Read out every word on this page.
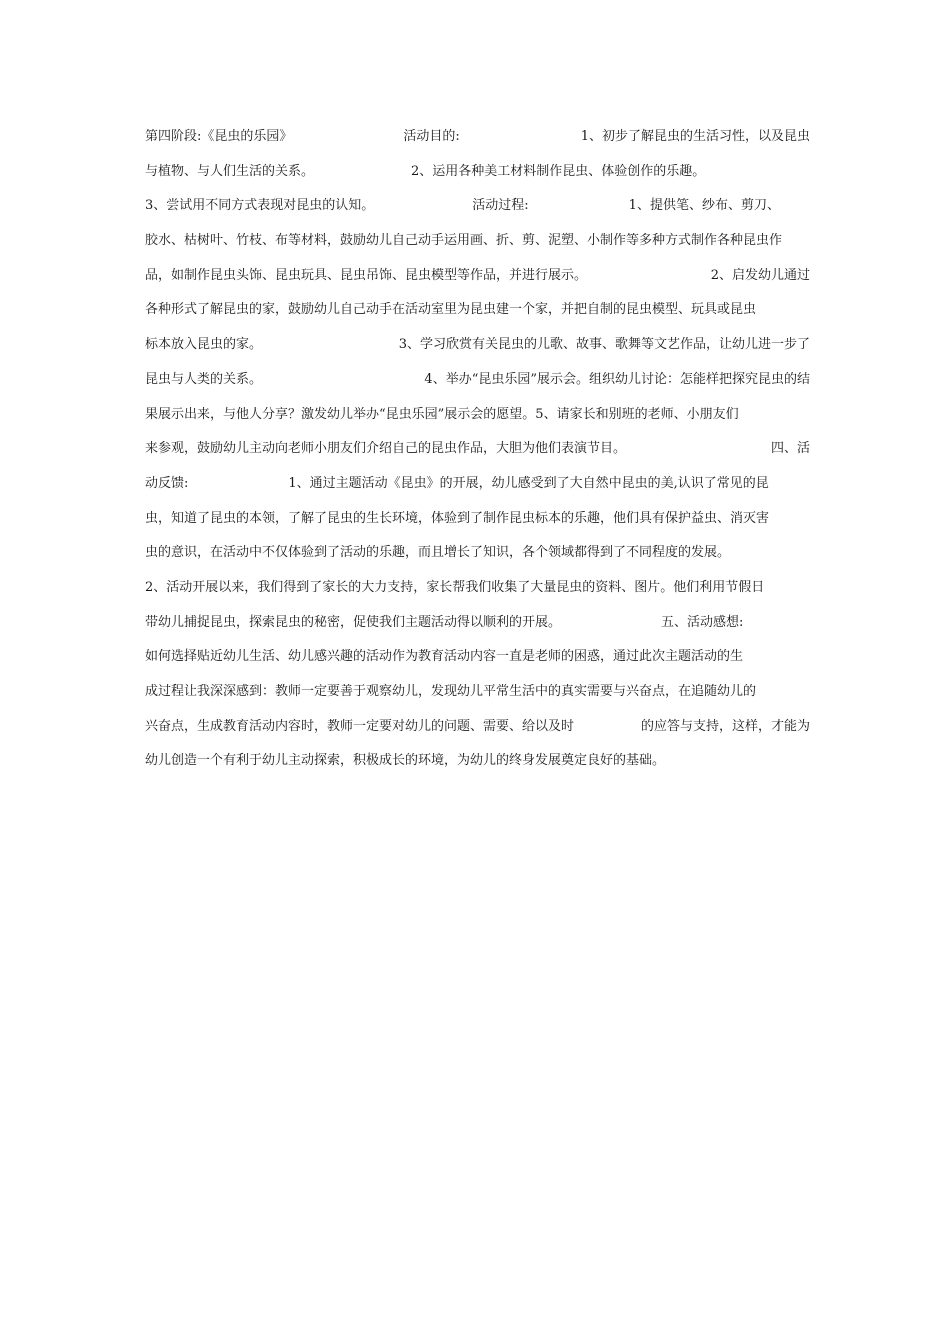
第四阶段:《昆虫的乐园》	活动目的:	1、初步了解昆虫的生活习性，以及昆虫
与植物、与人们生活的关系。	2、运用各种美工材料制作昆虫、体验创作的乐趣。
3、尝试用不同方式表现对昆虫的认知。	活动过程:	1、提供笔、纱布、剪刀、
胶水、枯树叶、竹枝、布等材料，鼓励幼儿自己动手运用画、折、剪、泥塑、小制作等多种方式制作各种昆虫作
品，如制作昆虫头饰、昆虫玩具、昆虫吊饰、昆虫模型等作品，并进行展示。	2、启发幼儿通过
各种形式了解昆虫的家，鼓励幼儿自己动手在活动室里为昆虫建一个家，并把自制的昆虫模型、玩具或昆虫
标本放入昆虫的家。	3、学习欣赏有关昆虫的儿歌、故事、歌舞等文艺作品，让幼儿进一步了
昆虫与人类的关系。	4、举办“昆虫乐园”展示会。组织幼儿讨论：怎能样把探究昆虫的结
果展示出来，与他人分享？激发幼儿举办“昆虫乐园”展示会的愿望。5、请家长和别班的老师、小朋友们
来参观，鼓励幼儿主动向老师小朋友们介绍自己的昆虫作品，大胆为他们表演节目。	四、活
动反馈:	1、通过主题活动《昆虫》的开展，幼儿感受到了大自然中昆虫的美,认识了常见的昆
虫，知道了昆虫的本领，了解了昆虫的生长环境，体验到了制作昆虫标本的乐趣，他们具有保护益虫、消灭害
虫的意识，在活动中不仅体验到了活动的乐趣，而且增长了知识，各个领域都得到了不同程度的发展。
2、活动开展以来，我们得到了家长的大力支持，家长帮我们收集了大量昆虫的资料、图片。他们利用节假日
带幼儿捕捉昆虫，探索昆虫的秘密，促使我们主题活动得以顺利的开展。	五、活动感想:
如何选择贴近幼儿生活、幼儿感兴趣的活动作为教育活动内容一直是老师的困惑，通过此次主题活动的生
成过程让我深深感到：教师一定要善于观察幼儿，发现幼儿平常生活中的真实需要与兴奋点，在追随幼儿的
兴奋点，生成教育活动内容时，教师一定要对幼儿的问题、需要、给以及时	的应答与支持，这样，才能为
幼儿创造一个有利于幼儿主动探索，积极成长的环境，为幼儿的终身发展奠定良好的基础。
